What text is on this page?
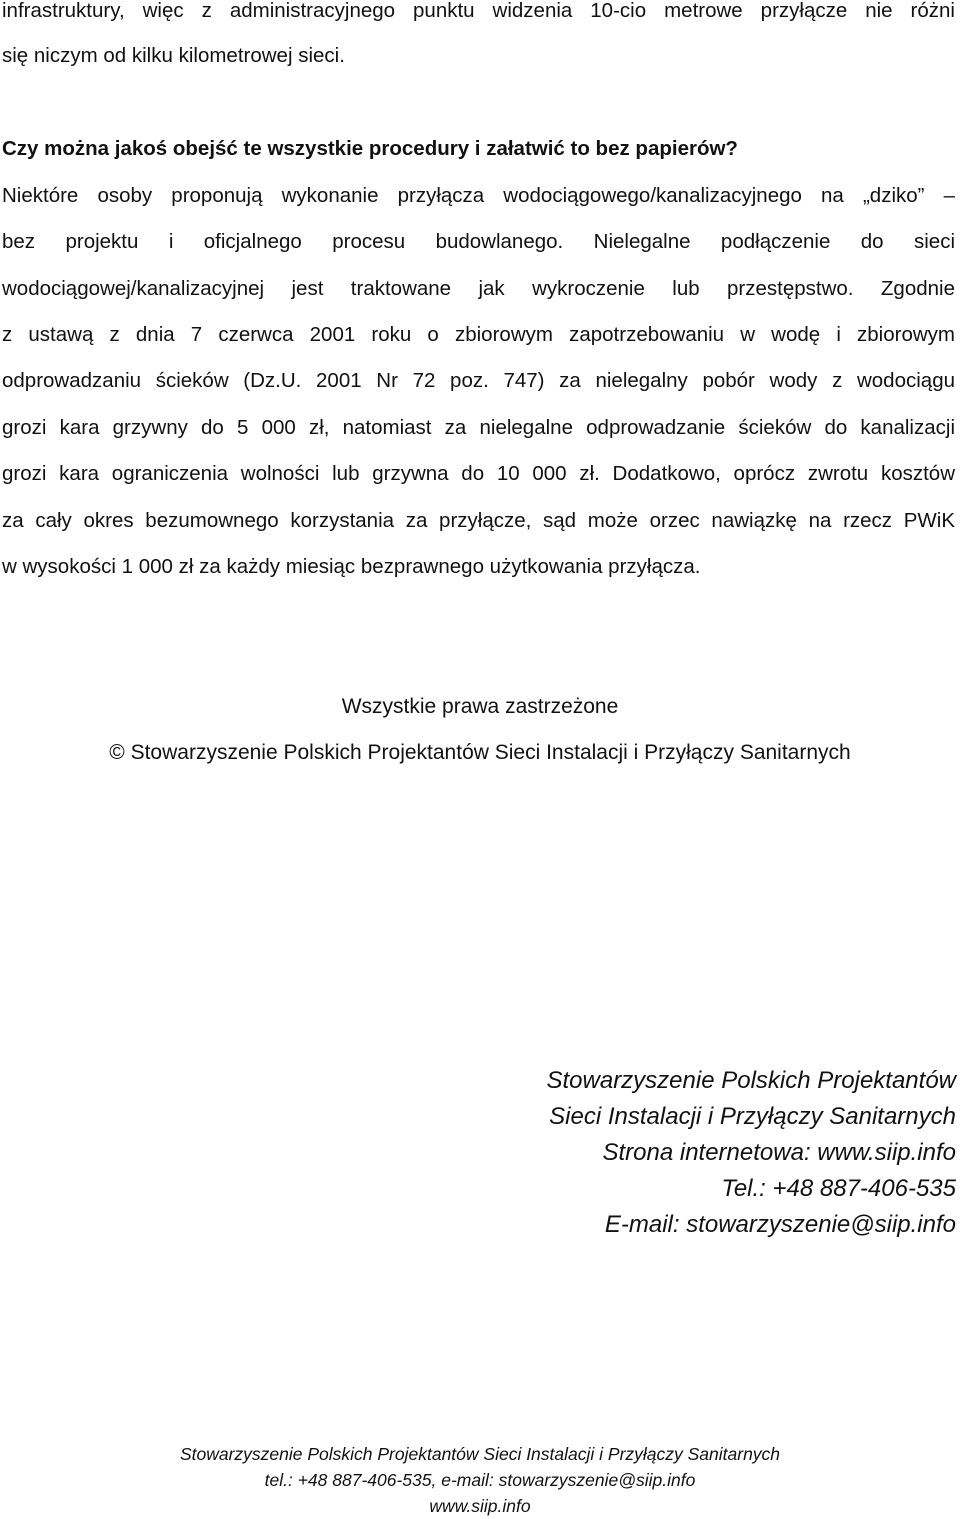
infrastruktury, więc z administracyjnego punktu widzenia 10-cio metrowe przyłącze nie różni

się niczym od kilku kilometrowej sieci.

Czy można jakoś obejść te wszystkie procedury i załatwić to bez papierów?

Niektóre osoby proponują wykonanie przyłącza wodociągowego/kanalizacyjnego na „dziko” –

bez projektu i oficjalnego procesu budowlanego. Nielegalne podłączenie do sieci

wodociągowej/kanalizacyjnej jest traktowane jak wykroczenie lub przestępstwo. Zgodnie

z ustawą z dnia 7 czerwca 2001 roku o zbiorowym zapotrzebowaniu w wodę i zbiorowym

odprowadzaniu ścieków (Dz.U. 2001 Nr 72 poz. 747) za nielegalny pobór wody z wodociągu

grozi kara grzywny do 5 000 zł, natomiast za nielegalne odprowadzanie ścieków do kanalizacji

grozi kara ograniczenia wolności lub grzywna do 10 000 zł. Dodatkowo, oprócz zwrotu kosztów

za cały okres bezumownego korzystania za przyłącze, sąd może orzec nawiązkę na rzecz PWiK

w wysokości 1 000 zł za każdy miesiąc bezprawnego użytkowania przyłącza.

Wszystkie prawa zastrzeżone
© Stowarzyszenie Polskich Projektantów Sieci Instalacji i Przyłączy Sanitarnych
Stowarzyszenie Polskich Projektantów
Sieci Instalacji i Przyłączy Sanitarnych
Strona internetowa: www.siip.info
Tel.: +48 887-406-535
E-mail: stowarzyszenie@siip.info
Stowarzyszenie Polskich Projektantów Sieci Instalacji i Przyłączy Sanitarnych
tel.: +48 887-406-535, e-mail: stowarzyszenie@siip.info
www.siip.info
